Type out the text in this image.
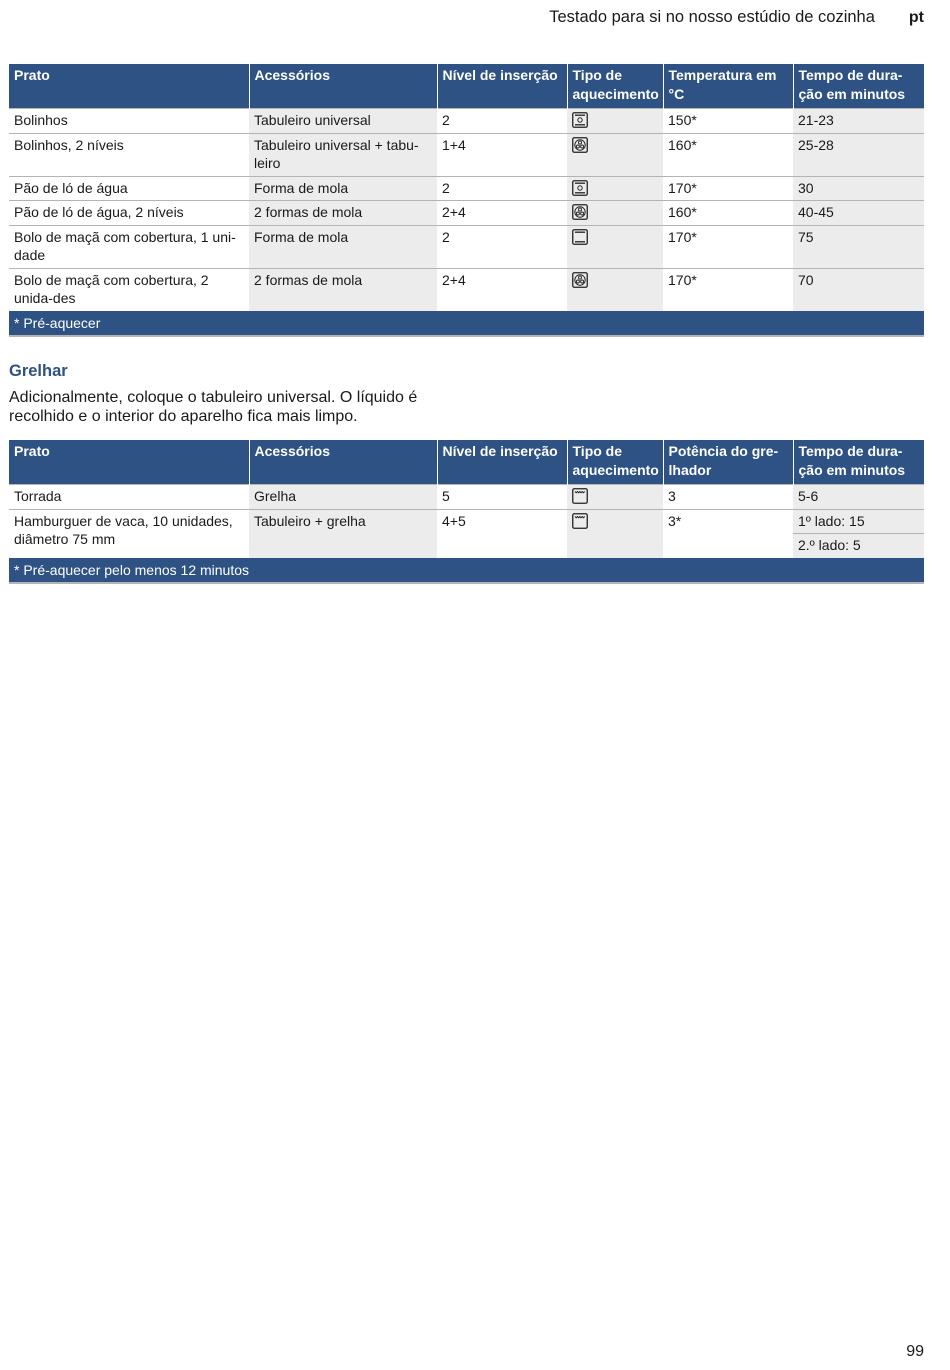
Testado para si no nosso estúdio de cozinha pt
Prato	Acessórios	Nível de inserção	Tipo de aquecimento	Temperatura em °C	Tempo de dura-ção em minutos
Bolinhos	Tabuleiro universal	2		150*	21-23
Bolinhos, 2 níveis	Tabuleiro universal + tabu-leiro	1+4		160*	25-28
Pão de ló de água	Forma de mola	2		170*	30
Pão de ló de água, 2 níveis	2 formas de mola	2+4		160*	40-45
Bolo de maçã com cobertura, 1 uni-dade	Forma de mola	2		170*	75
Bolo de maçã com cobertura, 2 unida-des	2 formas de mola	2+4		170*	70
* Pré-aquecer					
Grelhar
Adicionalmente, coloque o tabuleiro universal. O líquido é recolhido e o interior do aparelho fica mais limpo.
Prato	Acessórios	Nível de inserção	Tipo de aquecimento	Potência do gre-lhador	Tempo de dura-ção em minutos
Torrada	Grelha	5		3	5-6
Hamburguer de vaca, 10 unidades, diâmetro 75 mm	Tabuleiro + grelha	4+5		3*	1º lado: 15
					2.º lado: 5
* Pré-aquecer pelo menos 12 minutos					
99
